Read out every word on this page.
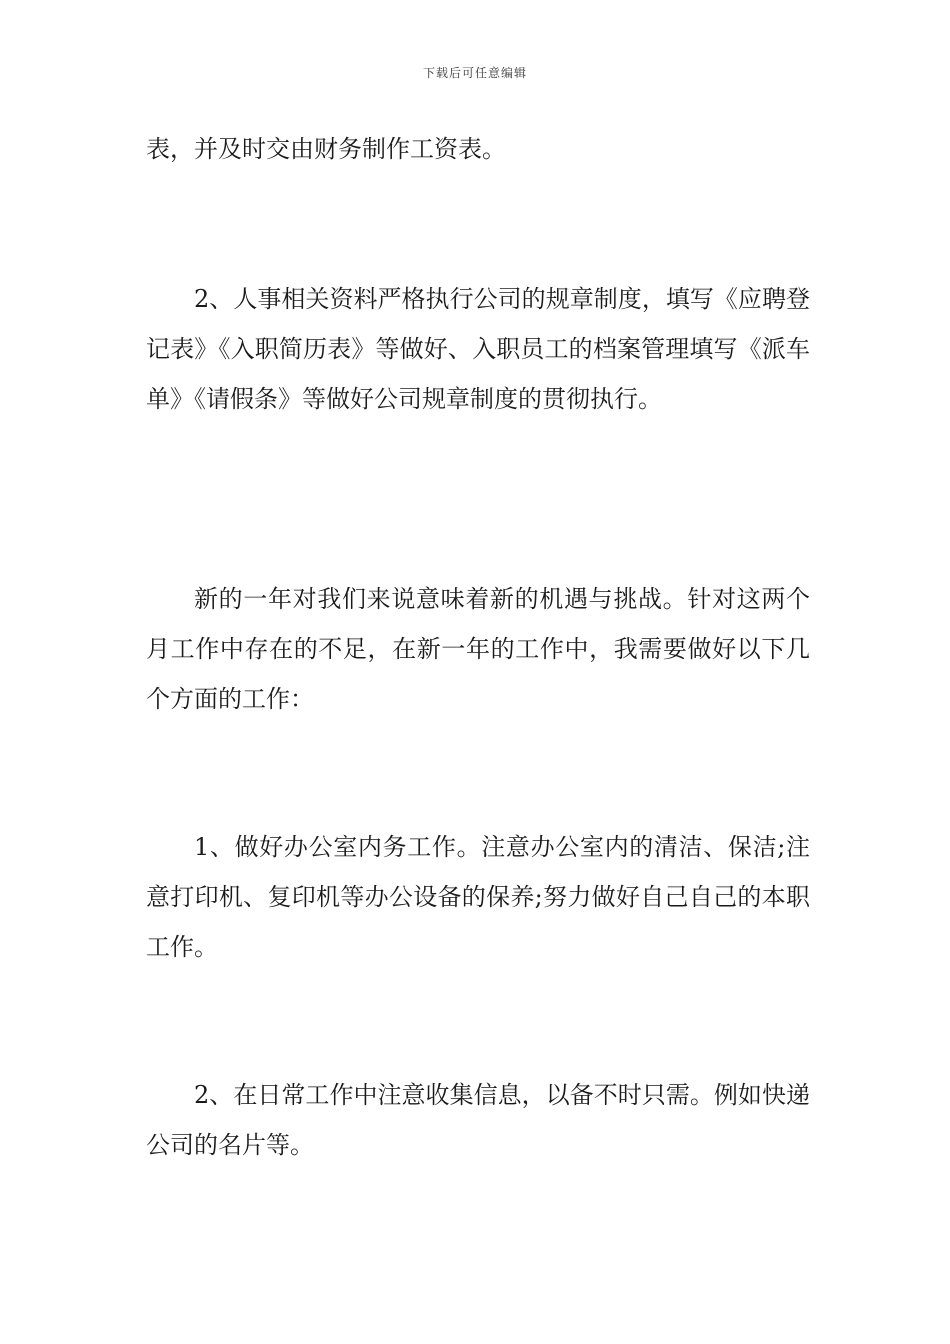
下载后可任意编辑

表，并及时交由财务制作工资表。

2、人事相关资料严格执行公司的规章制度，填写《应聘登记表》《入职简历表》等做好、入职员工的档案管理填写《派车单》《请假条》等做好公司规章制度的贯彻执行。

新的一年对我们来说意味着新的机遇与挑战。针对这两个月工作中存在的不足，在新一年的工作中，我需要做好以下几个方面的工作：

1、做好办公室内务工作。注意办公室内的清洁、保洁;注意打印机、复印机等办公设备的保养;努力做好自己自己的本职工作。

2、在日常工作中注意收集信息，以备不时只需。例如快递公司的名片等。
